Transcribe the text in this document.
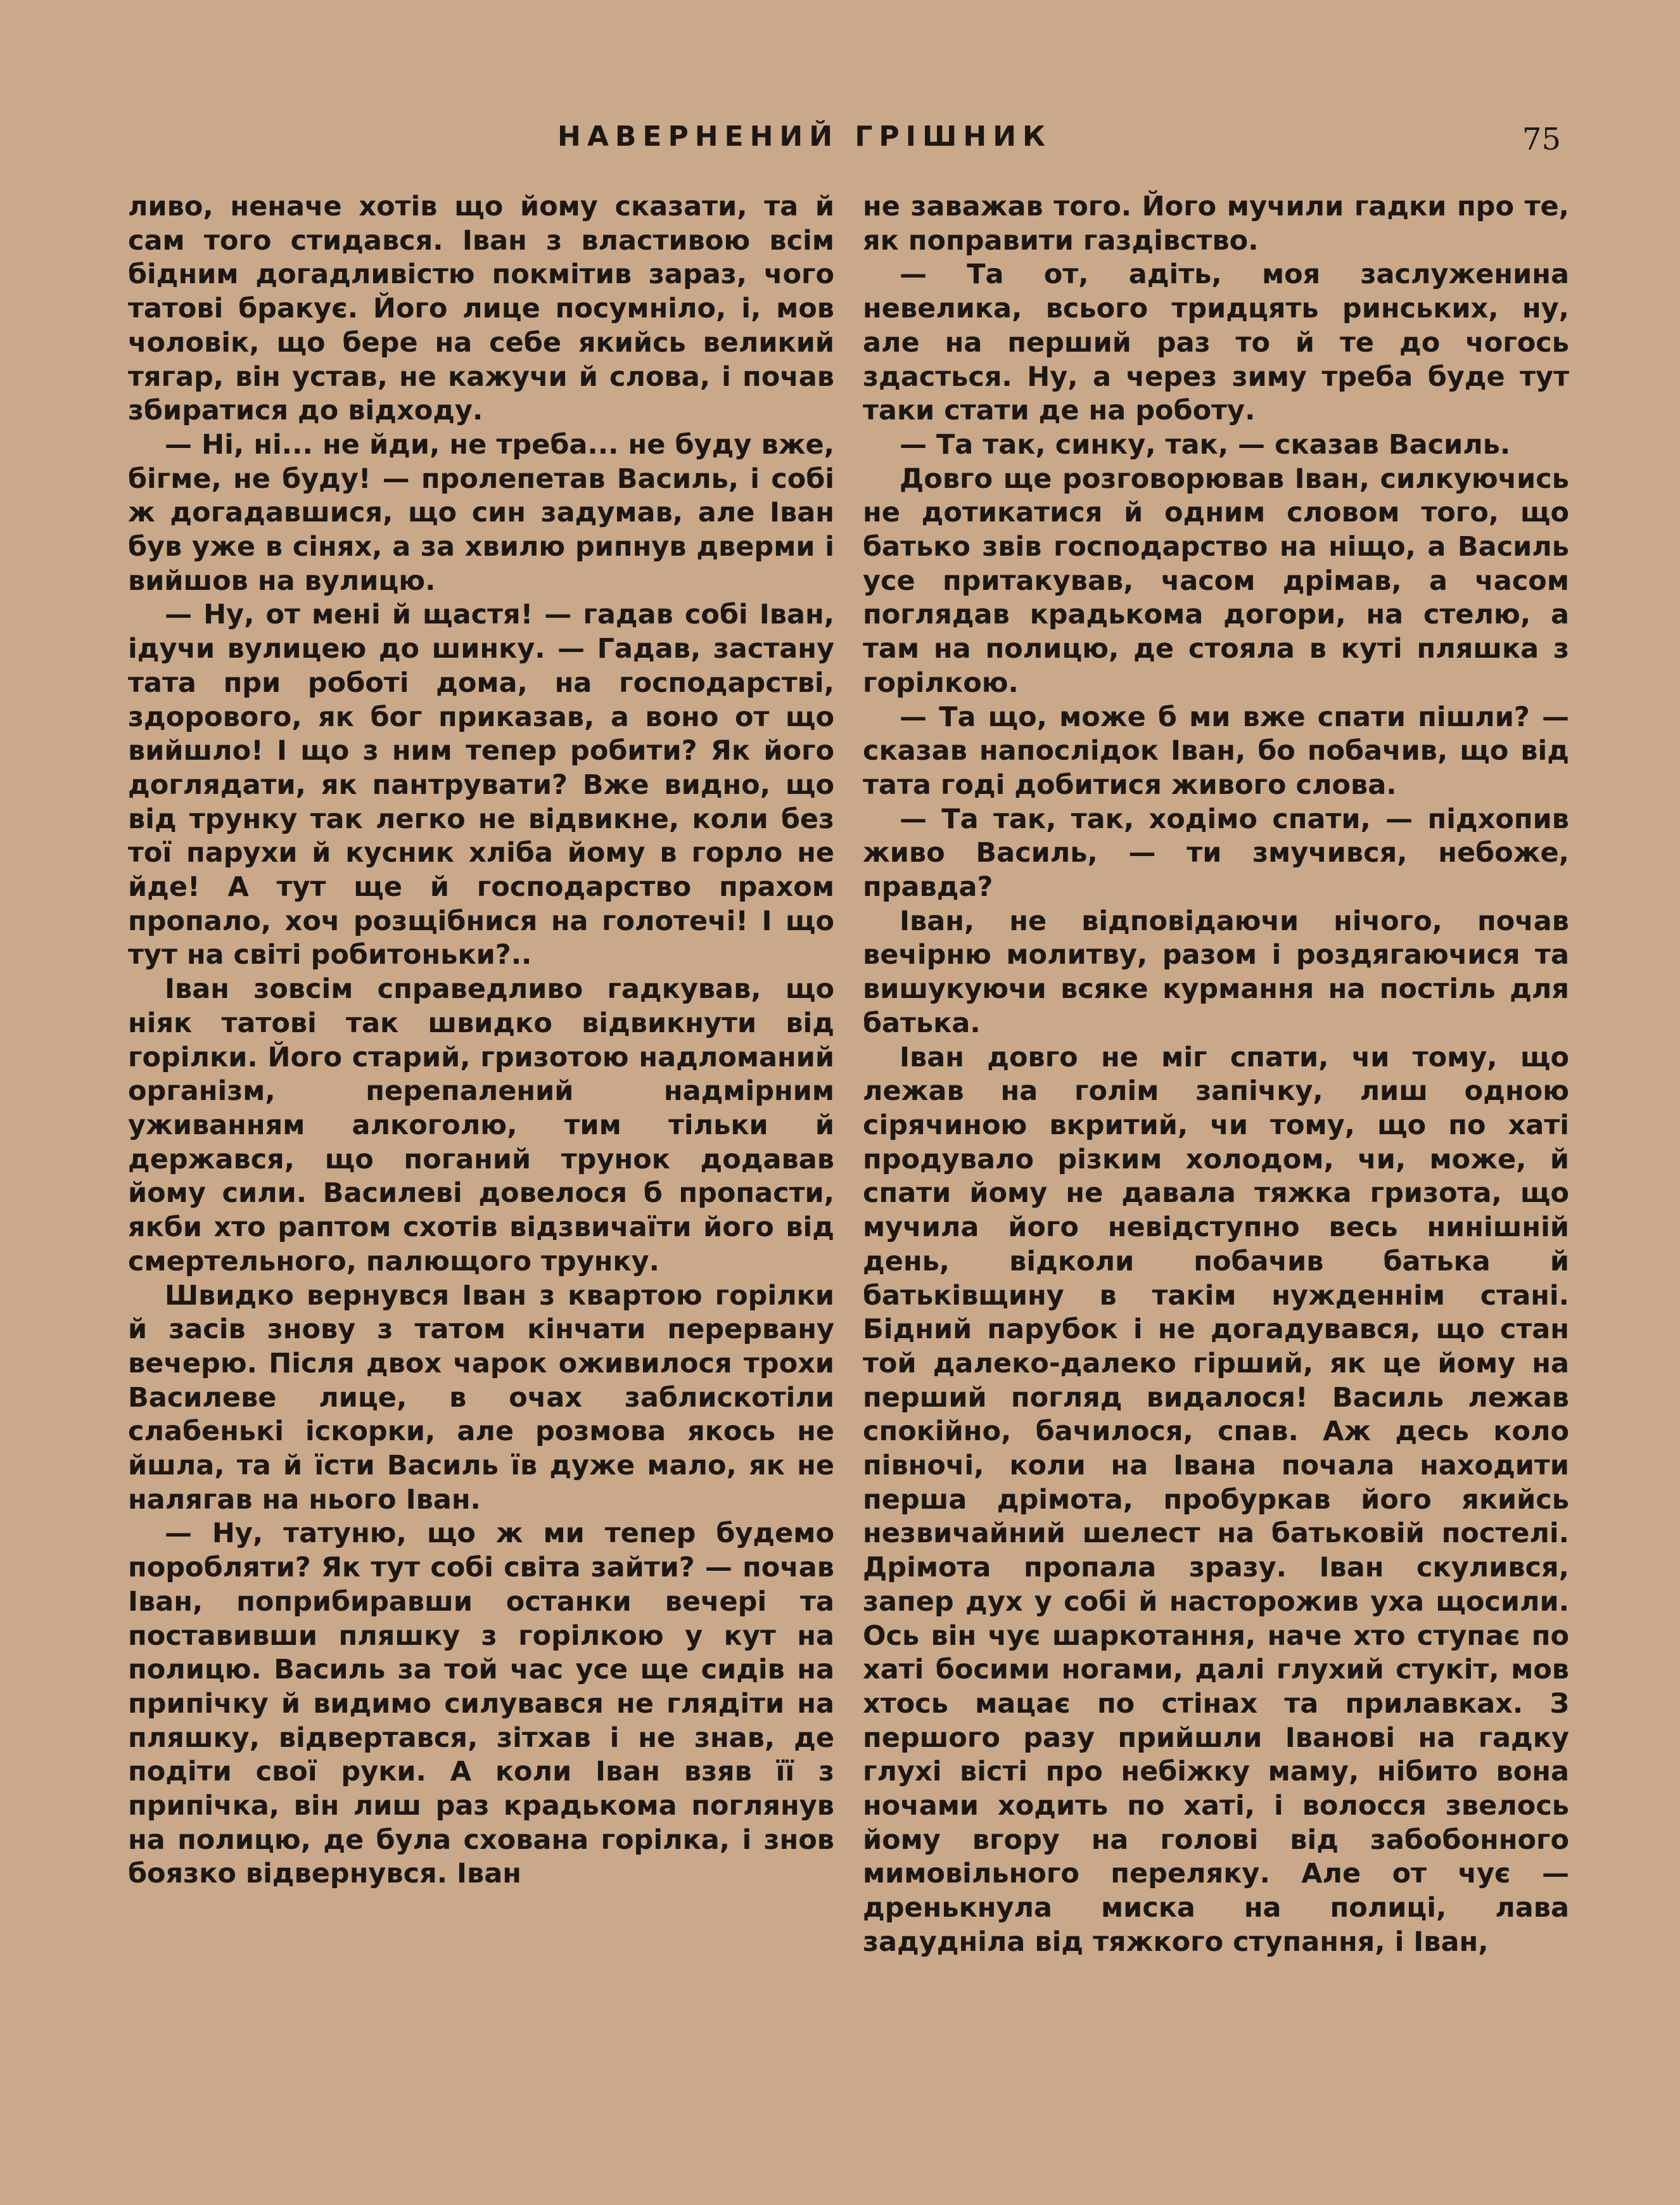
НАВЕРНЕНИЙ ГРІШНИК	75

ливо, неначе хотів що йому сказати, та й сам того стидався. Іван з властивою всім бідним догадливістю покмітив зараз, чого татові бракує. Його лице посумніло, і, мов чоловік, що бере на себе якийсь великий тягар, він устав, не кажучи й слова, і почав збиратися до відходу.

— Ні, ні... не йди, не треба... не буду вже, бігме, не буду! — пролепетав Василь, і собі ж догадавшися, що син задумав, але Іван був уже в сінях, а за хвилю рипнув дверми і вийшов на вулицю.

— Ну, от мені й щастя! — гадав собі Іван, ідучи вулицею до шинку. — Гадав, застану тата при роботі дома, на господарстві, здорового, як бог приказав, а воно от що вийшло! І що з ним тепер робити? Як його доглядати, як пантрувати? Вже видно, що від трунку так легко не відвикне, коли без тої парухи й кусник хліба йому в горло не йде! А тут ще й господарство прахом пропало, хоч розщібнися на голотечі! І що тут на світі робитоньки?..

Іван зовсім справедливо гадкував, що ніяк татові так швидко відвикнути від горілки. Його старий, гризотою надломаний організм, перепалений надмірним уживанням алкоголю, тим тільки й держався, що поганий трунок додавав йому сили. Василеві довелося б пропасти, якби хто раптом схотів відзвичаїти його від смертельного, палющого трунку.

Швидко вернувся Іван з квартою горілки й засів знову з татом кінчати перервану вечерю. Після двох чарок оживилося трохи Василеве лице, в очах заблискотіли слабенькі іскорки, але розмова якось не йшла, та й їсти Василь їв дуже мало, як не налягав на нього Іван.

— Ну, татуню, що ж ми тепер будемо поробляти? Як тут собі світа зайти? — почав Іван, поприбиравши останки вечері та поставивши пляшку з горілкою у кут на полицю. Василь за той час усе ще сидів на припічку й видимо силувався не глядіти на пляшку, відвертався, зітхав і не знав, де подіти свої руки. А коли Іван взяв її з припічка, він лиш раз крадькома поглянув на полицю, де була схована горілка, і знов боязко відвернувся. Іван

не заважав того. Його мучили гадки про те, як поправити газдівство.

— Та от, адіть, моя заслуженина невелика, всього тридцять ринських, ну, але на перший раз то й те до чогось здасться. Ну, а через зиму треба буде тут таки стати де на роботу.

— Та так, синку, так, — сказав Василь.

Довго ще розговорював Іван, силкуючись не дотикатися й одним словом того, що батько звів господарство на ніщо, а Василь усе притакував, часом дрімав, а часом поглядав крадькома догори, на стелю, а там на полицю, де стояла в куті пляшка з горілкою.

— Та що, може б ми вже спати пішли? — сказав напослідок Іван, бо побачив, що від тата годі добитися живого слова.

— Та так, так, ходімо спати, — підхопив живо Василь, — ти змучився, небоже, правда?

Іван, не відповідаючи нічого, почав вечірню молитву, разом і роздягаючися та вишукуючи всяке курмання на постіль для батька.

Іван довго не міг спати, чи тому, що лежав на голім запічку, лиш одною сірячиною вкритий, чи тому, що по хаті продувало різким холодом, чи, може, й спати йому не давала тяжка гризота, що мучила його невідступно весь нинішній день, відколи побачив батька й батьківщину в такім нужденнім стані. Бідний парубок і не догадувався, що стан той далеко-далеко гірший, як це йому на перший погляд видалося! Василь лежав спокійно, бачилося, спав. Аж десь коло півночі, коли на Івана почала находити перша дрімота, пробуркав його якийсь незвичайний шелест на батьковій постелі. Дрімота пропала зразу. Іван скулився, запер дух у собі й насторожив уха щосили. Ось він чує шаркотання, наче хто ступає по хаті босими ногами, далі глухий стукіт, мов хтось мацає по стінах та прилавках. З першого разу прийшли Іванові на гадку глухі вісті про небіжку маму, нібито вона ночами ходить по хаті, і волосся звелось йому вгору на голові від забобонного мимовільного переляку. Але от чує — дренькнула миска на полиці, лава задудніла від тяжкого ступання, і Іван,
